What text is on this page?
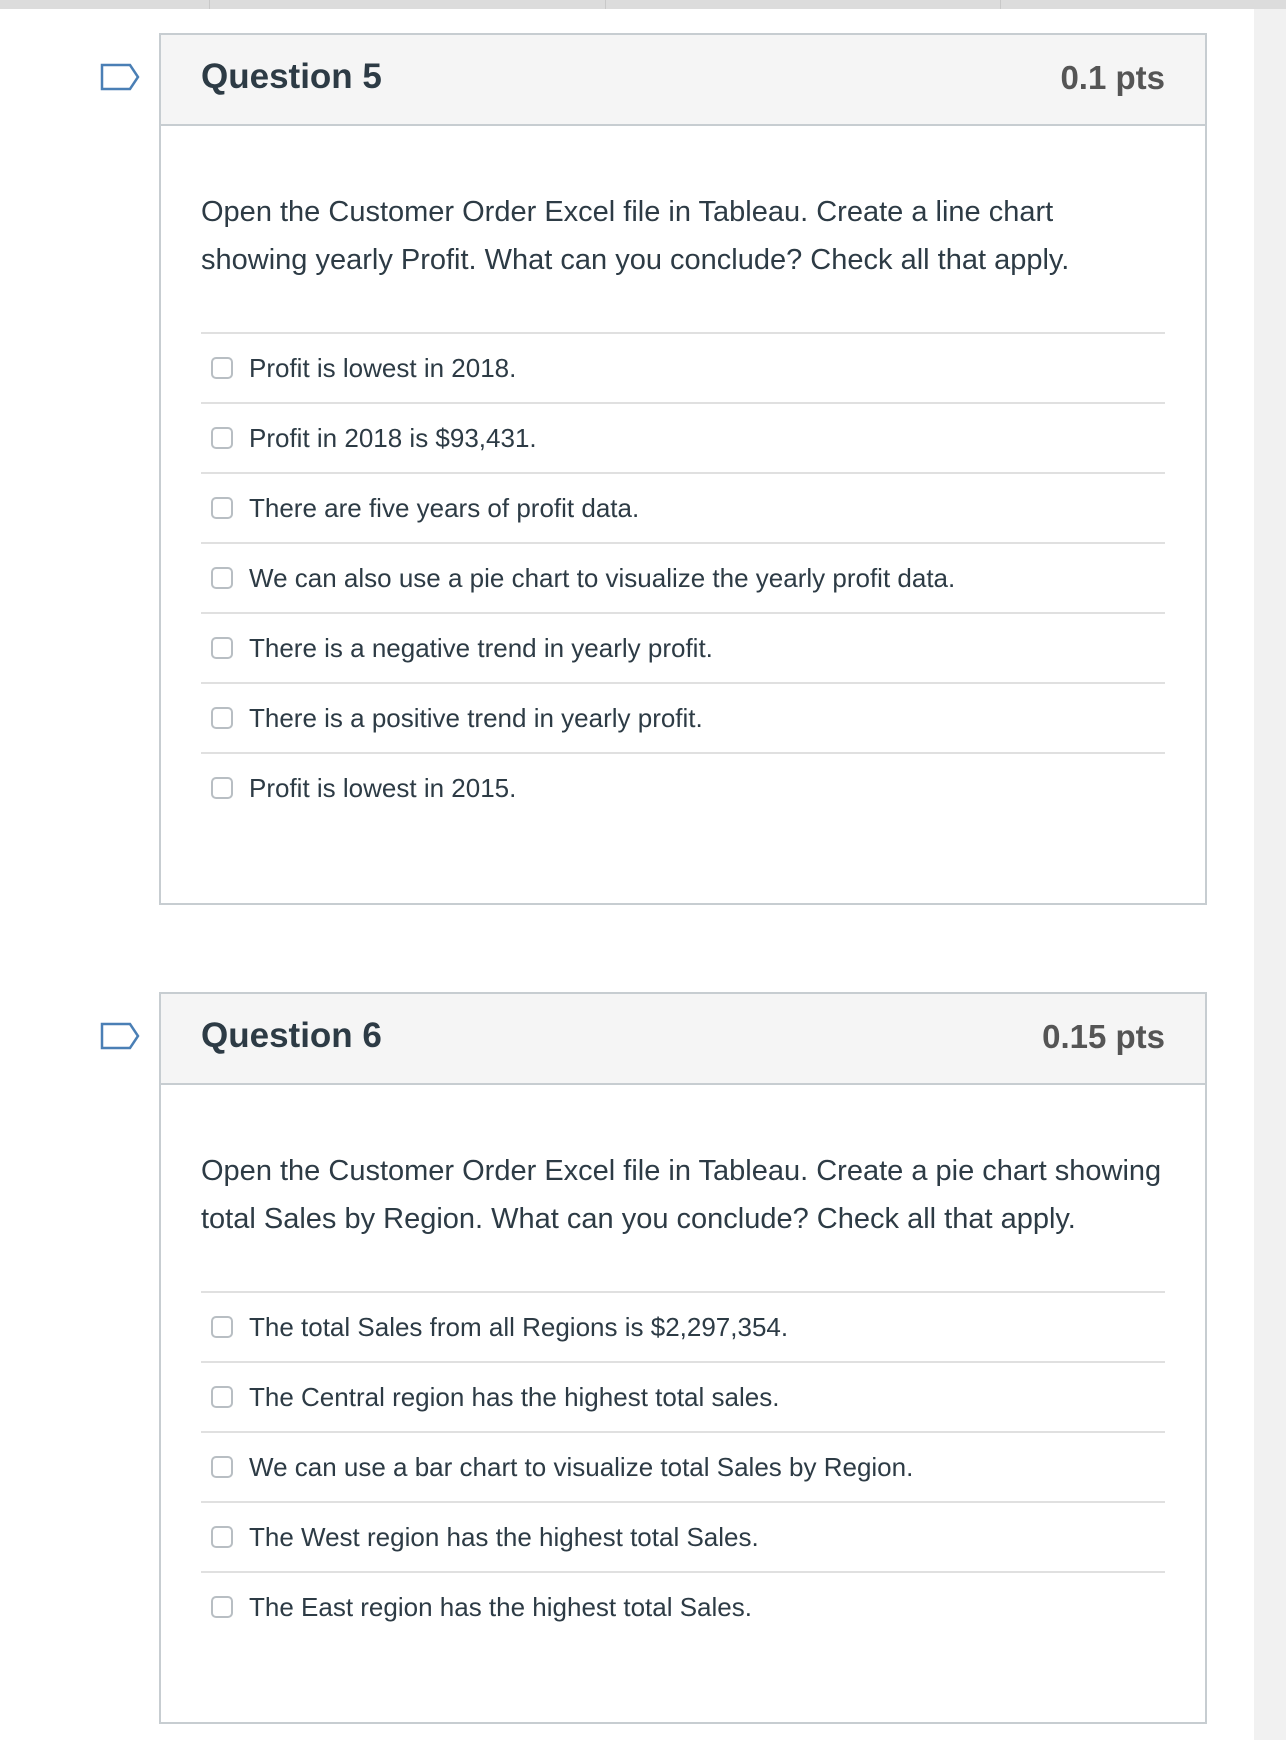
Question 5	0.1 pts
Open the Customer Order Excel file in Tableau. Create a line chart showing yearly Profit. What can you conclude? Check all that apply.
Profit is lowest in 2018.
Profit in 2018 is $93,431.
There are five years of profit data.
We can also use a pie chart to visualize the yearly profit data.
There is a negative trend in yearly profit.
There is a positive trend in yearly profit.
Profit is lowest in 2015.
Question 6	0.15 pts
Open the Customer Order Excel file in Tableau. Create a pie chart showing total Sales by Region. What can you conclude? Check all that apply.
The total Sales from all Regions is $2,297,354.
The Central region has the highest total sales.
We can use a bar chart to visualize total Sales by Region.
The West region has the highest total Sales.
The East region has the highest total Sales.
